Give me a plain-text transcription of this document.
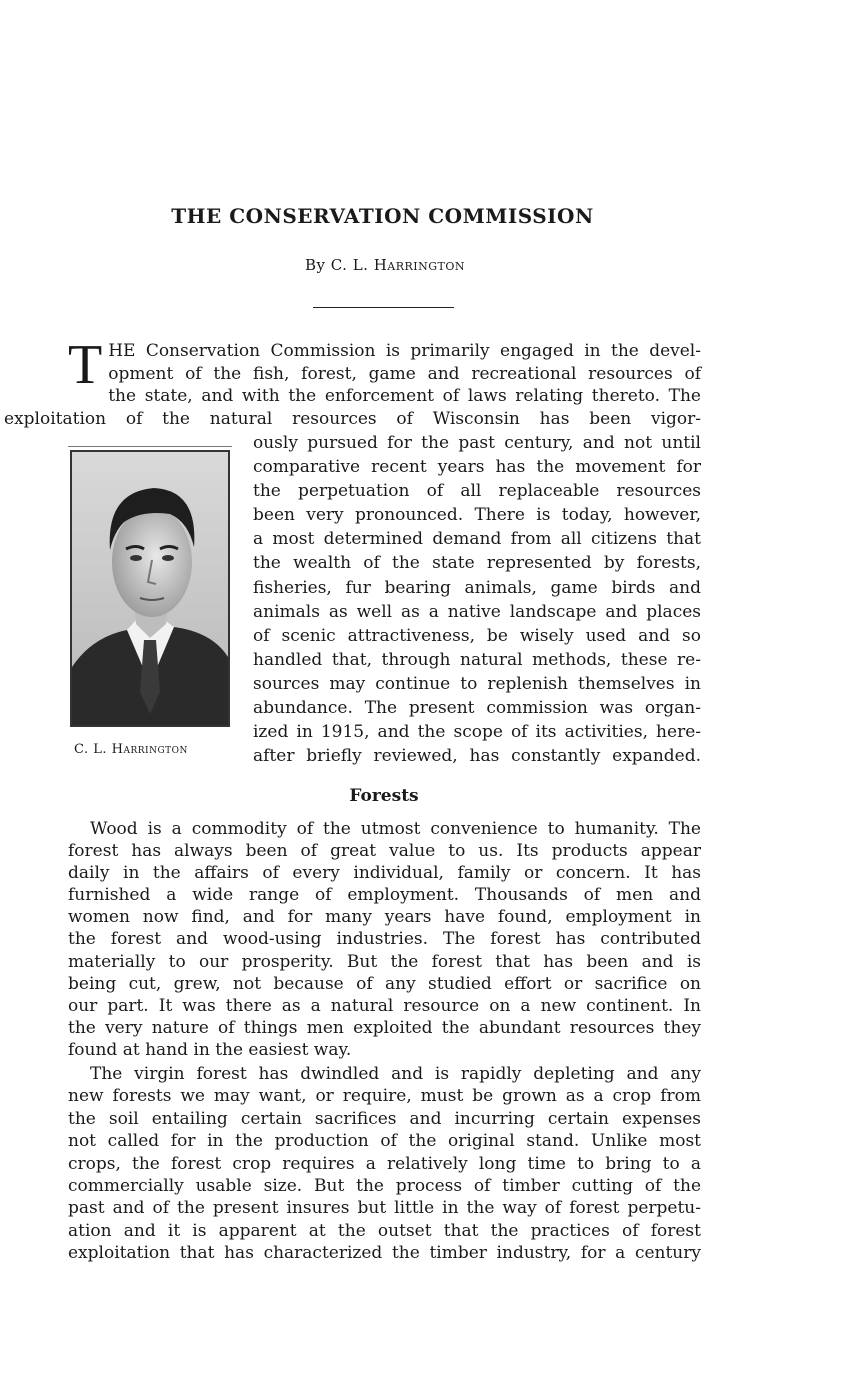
THE CONSERVATION COMMISSION
By C. L. Harrington
T HE Conservation Commission is primarily engaged in the devel-
opment of the fish, forest, game and recreational resources of
the state, and with the enforcement of laws relating thereto. The
exploitation of the natural resources of Wisconsin has been vigor-
C. L. Harrington
ously pursued for the past century, and not until
comparative recent years has the movement for
the perpetuation of all replaceable resources
been very pronounced. There is today, however,
a most determined demand from all citizens that
the wealth of the state represented by forests,
fisheries, fur bearing animals, game birds and
animals as well as a native landscape and places
of scenic attractiveness, be wisely used and so
handled that, through natural methods, these re-
sources may continue to replenish themselves in
abundance. The present commission was organ-
ized in 1915, and the scope of its activities, here-
after briefly reviewed, has constantly expanded.
Forests
Wood is a commodity of the utmost convenience to humanity. The
forest has always been of great value to us. Its products appear
daily in the affairs of every individual, family or concern. It has
furnished a wide range of employment. Thousands of men and
women now find, and for many years have found, employment in
the forest and wood-using industries. The forest has contributed
materially to our prosperity. But the forest that has been and is
being cut, grew, not because of any studied effort or sacrifice on
our part. It was there as a natural resource on a new continent. In
the very nature of things men exploited the abundant resources they
found at hand in the easiest way.
The virgin forest has dwindled and is rapidly depleting and any
new forests we may want, or require, must be grown as a crop from
the soil entailing certain sacrifices and incurring certain expenses
not called for in the production of the original stand. Unlike most
crops, the forest crop requires a relatively long time to bring to a
commercially usable size. But the process of timber cutting of the
past and of the present insures but little in the way of forest perpetu-
ation and it is apparent at the outset that the practices of forest
exploitation that has characterized the timber industry, for a century
